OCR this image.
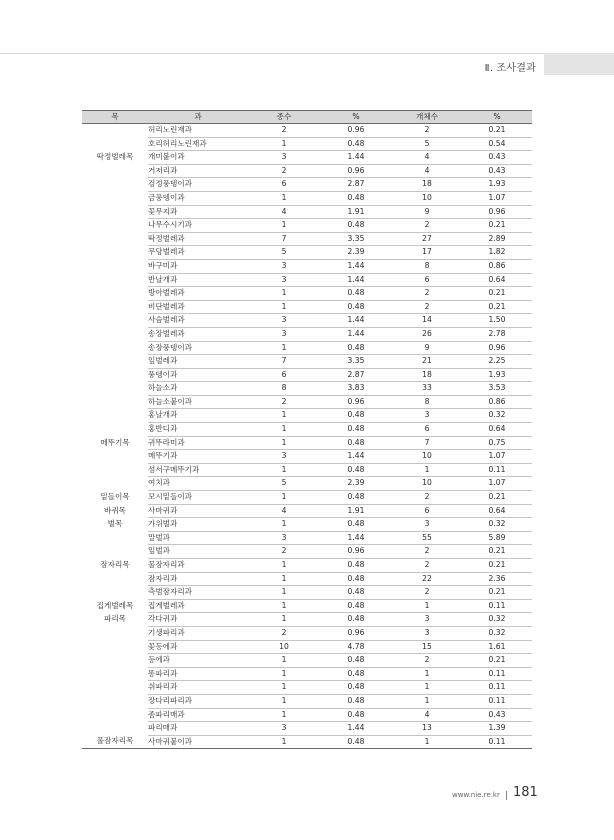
Ⅱ. 조사결과
목	과	종수	%	개체수	%
	허리노린재과	2	0.96	2	0.21
	호리허리노린재과	1	0.48	5	0.54
딱정벌레목	개미붙이과	3	1.44	4	0.43
	거저리과	2	0.96	4	0.43
	검정풍뎅이과	6	2.87	18	1.93
	금풍뎅이과	1	0.48	10	1.07
	꽃무지과	4	1.91	9	0.96
	나무수시기과	1	0.48	2	0.21
	딱정벌레과	7	3.35	27	2.89
	무당벌레과	5	2.39	17	1.82
	바구미과	3	1.44	8	0.86
	반날개과	3	1.44	6	0.64
	방아벌레과	1	0.48	2	0.21
	비단벌레과	1	0.48	2	0.21
	사슴벌레과	3	1.44	14	1.50
	송장벌레과	3	1.44	26	2.78
	송장풍뎅이과	1	0.48	9	0.96
	잎벌레과	7	3.35	21	2.25
	풍뎅이과	6	2.87	18	1.93
	하늘소과	8	3.83	33	3.53
	하늘소붙이과	2	0.96	8	0.86
	홍날개과	1	0.48	3	0.32
	홍반디과	1	0.48	6	0.64
메뚜기목	귀뚜라미과	1	0.48	7	0.75
	메뚜기과	3	1.44	10	1.07
	섬서구메뚜기과	1	0.48	1	0.11
	여치과	5	2.39	10	1.07
밑들이목	모시밑들이과	1	0.48	2	0.21
바퀴목	사마귀과	4	1.91	6	0.64
벌목	가위벌과	1	0.48	3	0.32
	말벌과	3	1.44	55	5.89
	잎벌과	2	0.96	2	0.21
잠자리목	물잠자리과	1	0.48	2	0.21
	잠자리과	1	0.48	22	2.36
	측범잠자리과	1	0.48	2	0.21
집게벌레목	집게벌레과	1	0.48	1	0.11
파리목	각다귀과	1	0.48	3	0.32
	기생파리과	2	0.96	3	0.32
	꽃등에과	10	4.78	15	1.61
	등에과	1	0.48	2	0.21
	똥파리과	1	0.48	1	0.11
	쉬파리과	1	0.48	1	0.11
	장다리파리과	1	0.48	1	0.11
	좀파리매과	1	0.48	4	0.43
	파리매과	3	1.44	13	1.39
풀잠자리목	사마귀붙이과	1	0.48	1	0.11
www.nie.re.kr 181
